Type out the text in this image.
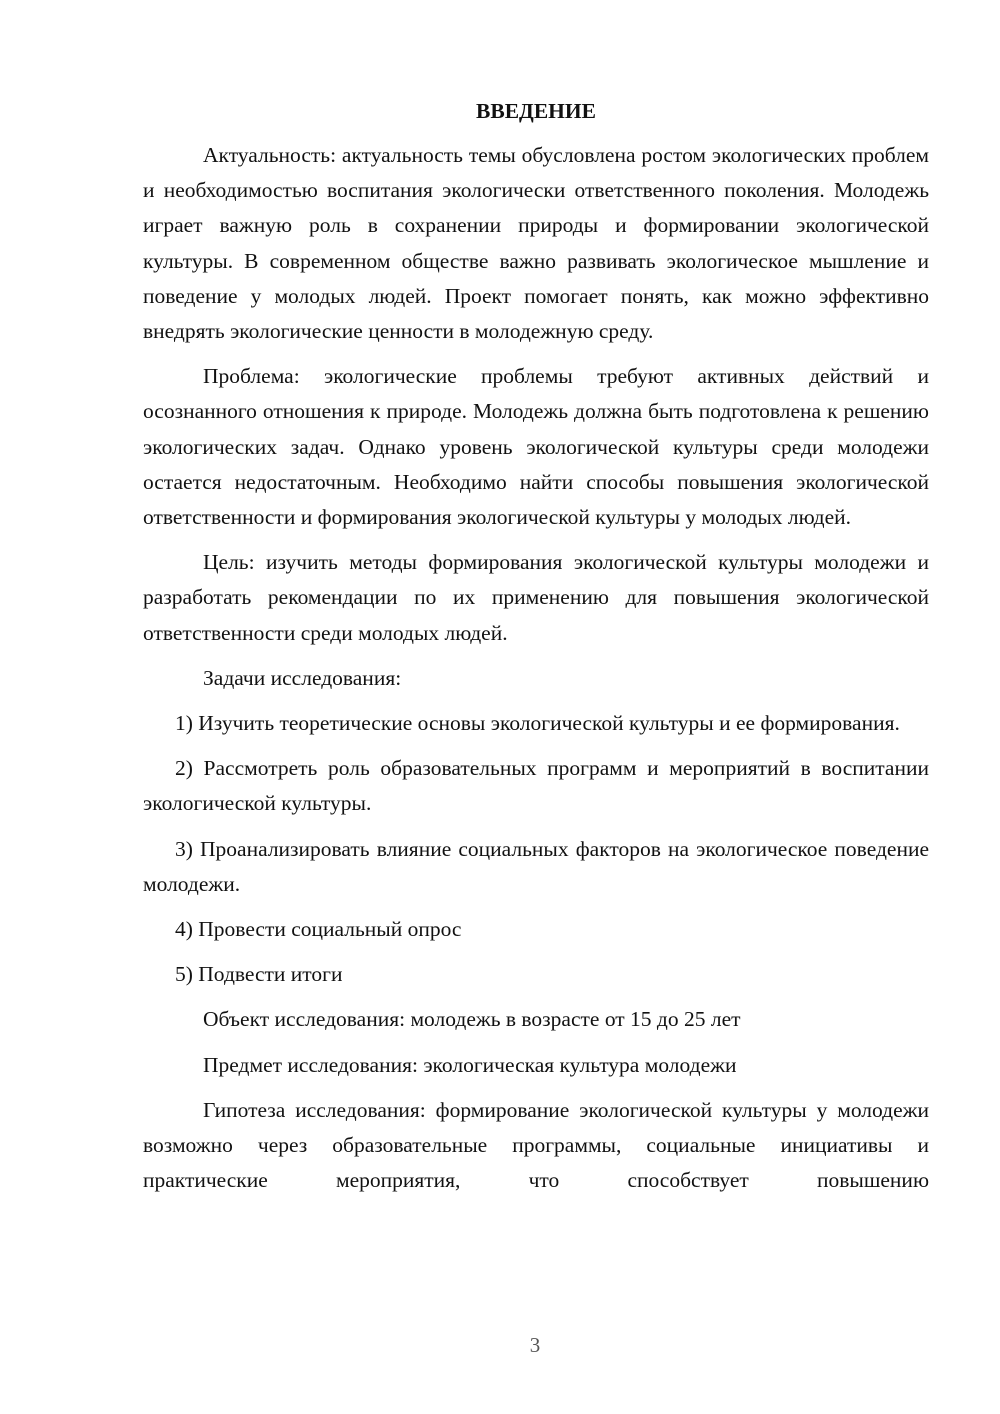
ВВЕДЕНИЕ

Актуальность: актуальность темы обусловлена ростом экологических проблем и необходимостью воспитания экологически ответственного поколения. Молодежь играет важную роль в сохранении природы и формировании экологической культуры. В современном обществе важно развивать экологическое мышление и поведение у молодых людей. Проект помогает понять, как можно эффективно внедрять экологические ценности в молодежную среду.

Проблема: экологические проблемы требуют активных действий и осознанного отношения к природе. Молодежь должна быть подготовлена к решению экологических задач. Однако уровень экологической культуры среди молодежи остается недостаточным. Необходимо найти способы повышения экологической ответственности и формирования экологической культуры у молодых людей.

Цель: изучить методы формирования экологической культуры молодежи и разработать рекомендации по их применению для повышения экологической ответственности среди молодых людей.

Задачи исследования:

1) Изучить теоретические основы экологической культуры и ее формирования.

2) Рассмотреть роль образовательных программ и мероприятий в воспитании экологической культуры.

3) Проанализировать влияние социальных факторов на экологическое поведение молодежи.

4) Провести социальный опрос

5) Подвести итоги

Объект исследования: молодежь в возрасте от 15 до 25 лет

Предмет исследования: экологическая культура молодежи

Гипотеза исследования: формирование экологической культуры у молодежи возможно через образовательные программы, социальные инициативы и практические мероприятия, что способствует повышению

3
